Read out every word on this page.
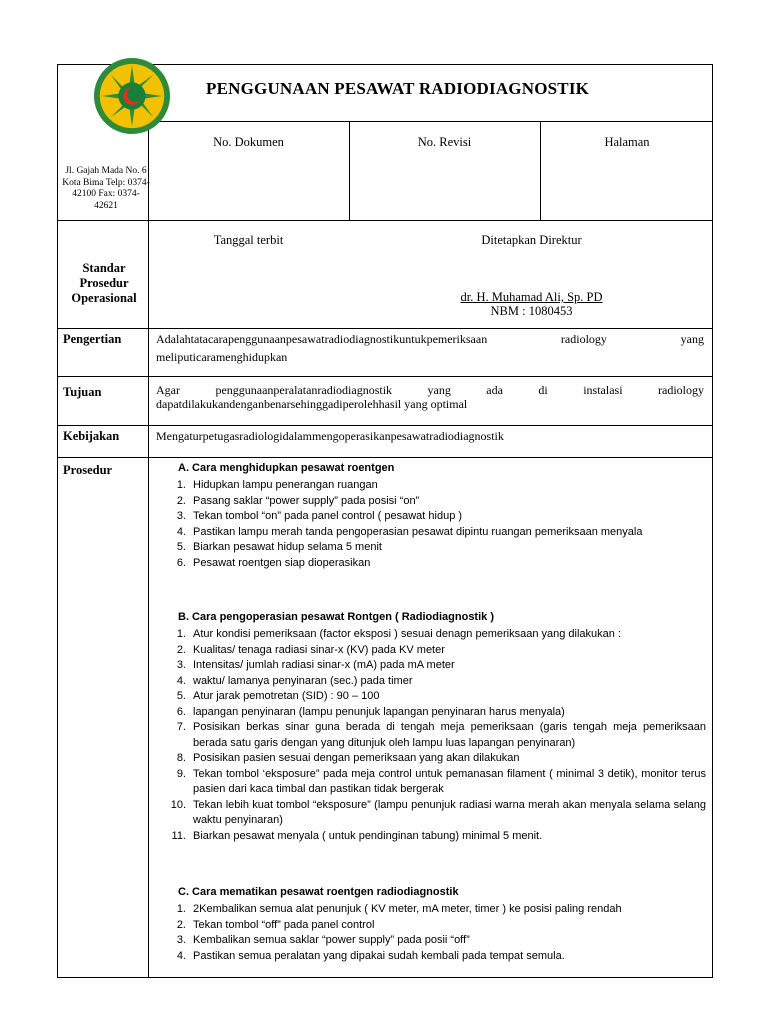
PENGGUNAAN PESAWAT RADIODIAGNOSTIK
Jl. Gajah Mada No. 6 Kota Bima Telp: 0374-42100 Fax: 0374-42621
No. Dokumen	No. Revisi	Halaman
Standar Prosedur Operasional
Tanggal terbit	Ditetapkan Direktur
dr. H. Muhamad Ali, Sp. PD
NBM : 1080453
Pengertian	Adalahtatacarapenggunaanpesawatradiodiagnostikuntukpemeriksaan radiology yang
meliputicaramenghidupkan
Tujuan	Agar penggunaanperalatanradiodiagnostik yang ada di instalasi radiology
dapatdilakukandenganbenarsehinggadiperolehhasil yang optimal
Kebijakan	Mengaturpetugasradiologidalammengoperasikanpesawatradiodiagnostik
Prosedur	A. Cara menghidupkan pesawat roentgen
1. Hidupkan lampu penerangan ruangan
2. Pasang saklar “power supply” pada posisi “on”
3. Tekan tombol “on” pada panel control ( pesawat hidup )
4. Pastikan lampu merah tanda pengoperasian pesawat dipintu ruangan pemeriksaan menyala
5. Biarkan pesawat hidup selama 5 menit
6. Pesawat roentgen siap dioperasikan
B. Cara pengoperasian pesawat Rontgen ( Radiodiagnostik )
1. Atur kondisi pemeriksaan (factor eksposi ) sesuai denagn pemeriksaan yang dilakukan :
2. Kualitas/ tenaga radiasi sinar-x (KV) pada KV meter
3. Intensitas/ jumlah radiasi sinar-x (mA) pada mA meter
4. waktu/ lamanya penyinaran (sec.) pada timer
5. Atur jarak pemotretan (SID) : 90 – 100
6. lapangan penyinaran (lampu penunjuk lapangan penyinaran harus menyala)
7. Posisikan berkas sinar guna berada di tengah meja pemeriksaan (garis tengah meja pemeriksaan berada satu garis dengan yang ditunjuk oleh lampu luas lapangan penyinaran)
8. Posisikan pasien sesuai dengan pemeriksaan yang akan dilakukan
9. Tekan tombol ‘eksposure” pada meja control untuk pemanasan filament ( minimal 3 detik), monitor terus pasien dari kaca timbal dan pastikan tidak bergerak
10. Tekan lebih kuat tombol “eksposure” (lampu penunjuk radiasi warna merah akan menyala selama selang waktu penyinaran)
11. Biarkan pesawat menyala ( untuk pendinginan tabung) minimal 5 menit.
C. Cara mematikan pesawat roentgen radiodiagnostik
1. 2Kembalikan semua alat penunjuk ( KV meter, mA meter, timer ) ke posisi paling rendah
2. Tekan tombol “off” pada panel control
3. Kembalikan semua saklar “power supply” pada posii “off”
4. Pastikan semua peralatan yang dipakai sudah kembali pada tempat semula.
